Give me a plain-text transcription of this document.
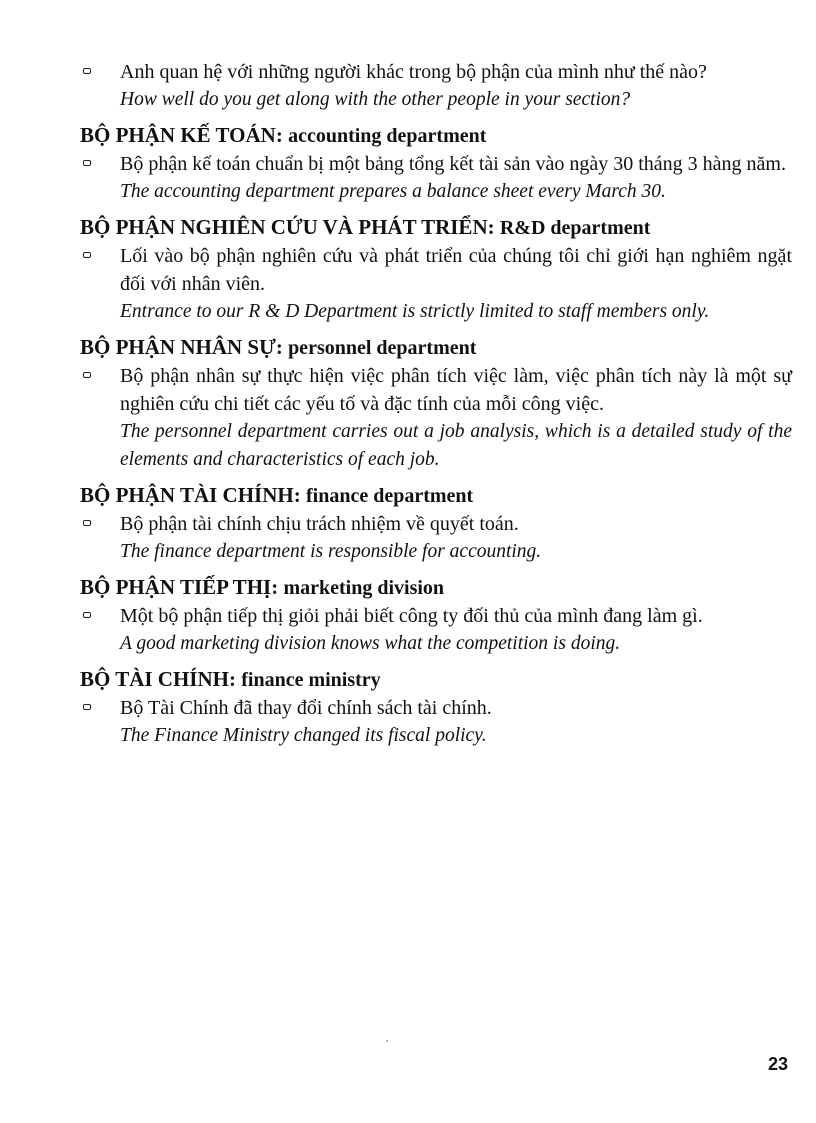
Anh quan hệ với những người khác trong bộ phận của mình như thế nào?
How well do you get along with the other people in your section?
BỘ PHẬN KẾ TOÁN: accounting department
Bộ phận kế toán chuẩn bị một bảng tổng kết tài sản vào ngày 30 tháng 3 hàng năm.
The accounting department prepares a balance sheet every March 30.
BỘ PHẬN NGHIÊN CỨU VÀ PHÁT TRIỂN: R&D department
Lối vào bộ phận nghiên cứu và phát triển của chúng tôi chỉ giới hạn nghiêm ngặt đối với nhân viên.
Entrance to our R & D Department is strictly limited to staff members only.
BỘ PHẬN NHÂN SỰ: personnel department
Bộ phận nhân sự thực hiện việc phân tích việc làm, việc phân tích này là một sự nghiên cứu chi tiết các yếu tố và đặc tính của mỗi công việc.
The personnel department carries out a job analysis, which is a detailed study of the elements and characteristics of each job.
BỘ PHẬN TÀI CHÍNH: finance department
Bộ phận tài chính chịu trách nhiệm về quyết toán.
The finance department is responsible for accounting.
BỘ PHẬN TIẾP THỊ: marketing division
Một bộ phận tiếp thị giỏi phải biết công ty đối thủ của mình đang làm gì.
A good marketing division knows what the competition is doing.
BỘ TÀI CHÍNH: finance ministry
Bộ Tài Chính đã thay đổi chính sách tài chính.
The Finance Ministry changed its fiscal policy.
23
